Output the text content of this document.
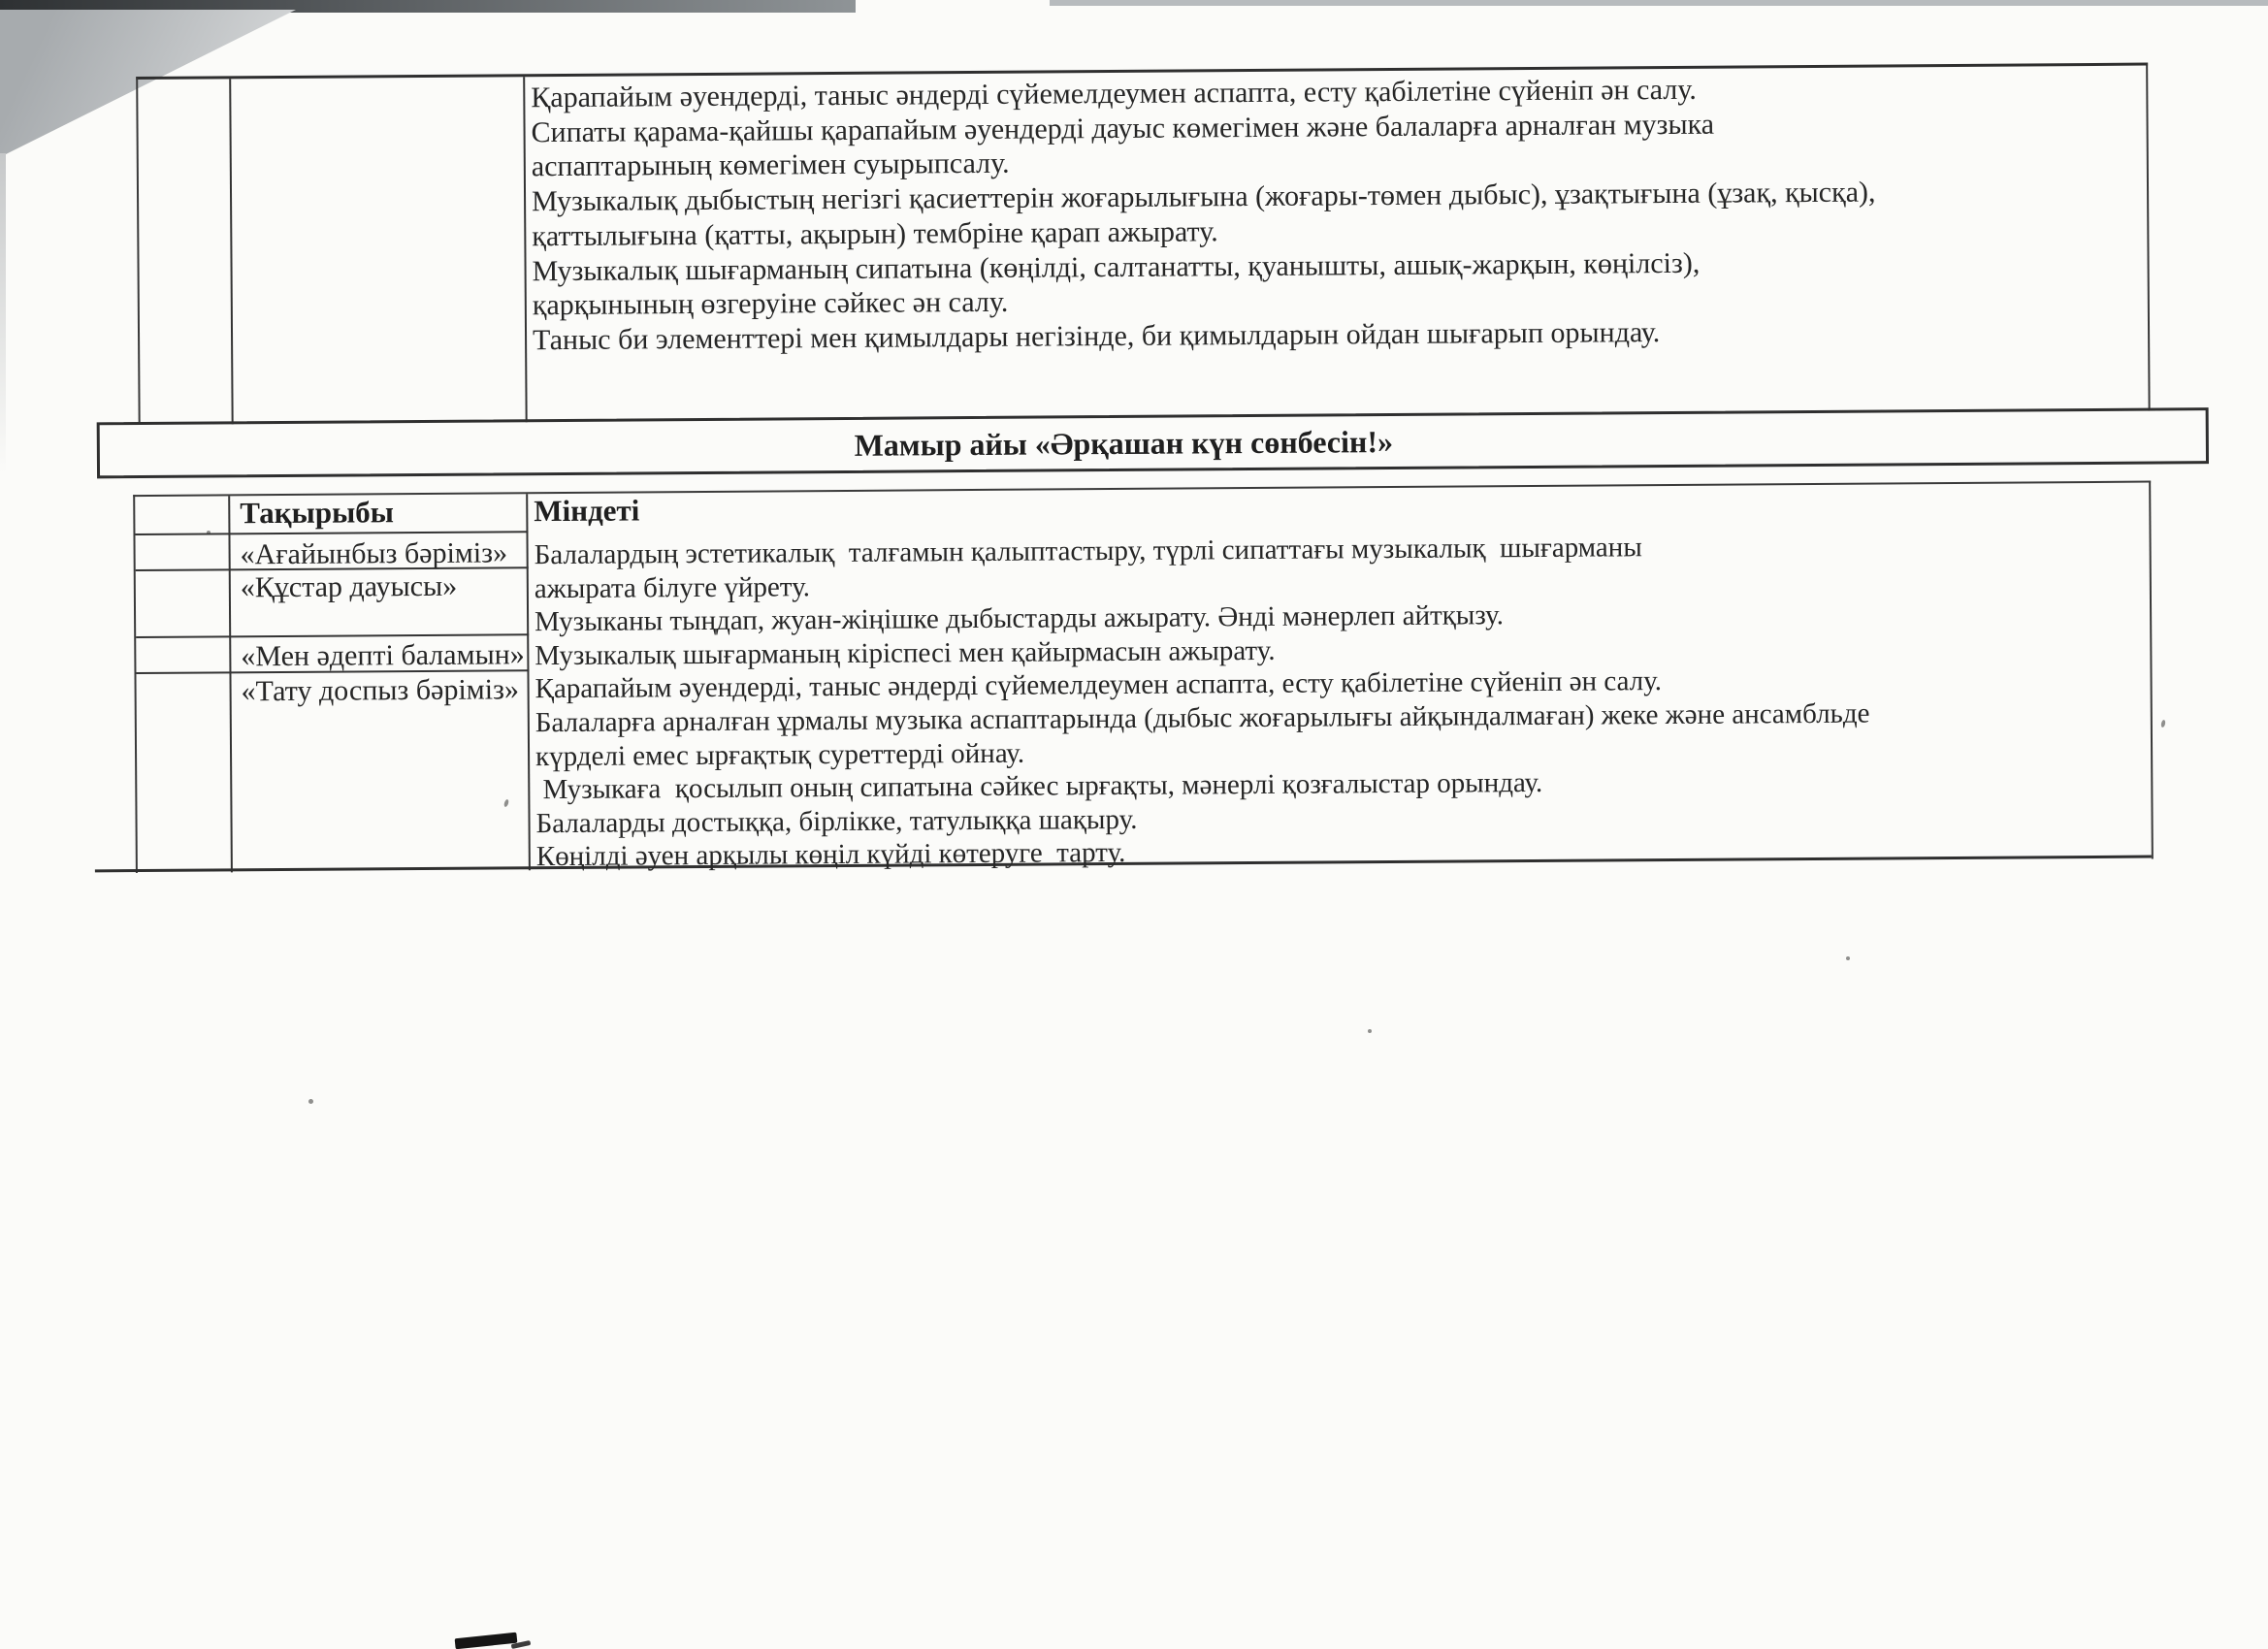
Қарапайым әуендерді, таныс әндерді сүйемелдеумен аспапта, есту қабілетіне сүйеніп ән салу.
Сипаты қарама-қайшы қарапайым әуендерді дауыс көмегімен және балаларға арналған музыка
аспаптарының көмегімен суырыпсалу.
Музыкалық дыбыстың негізгі қасиеттерін жоғарылығына (жоғары-төмен дыбыс), ұзақтығына (ұзақ, қысқа),
қаттылығына (қатты, ақырын) тембріне қарап ажырату.
Музыкалық шығарманың сипатына (көңілді, салтанатты, қуанышты, ашық-жарқын, көңілсіз),
қарқынының өзгеруіне сәйкес ән салу.
Таныс би элементтері мен қимылдары негізінде, би қимылдарын ойдан шығарып орындау.
Мамыр айы «Әрқашан күн сөнбесін!»
Тақырыбы	Міндеті
«Ағайынбыз бәріміз»
«Құстар дауысы»
«Мен әдепті баламын»
«Тату доспыз бәріміз»
Балалардың эстетикалық  талғамын қалыптастыру, түрлі сипаттағы музыкалық  шығарманы
ажырата білуге үйрету.
Музыканы тыңдап, жуан-жіңішке дыбыстарды ажырату. Әнді мәнерлеп айтқызу.
Музыкалық шығарманың кіріспесі мен қайырмасын ажырату.
Қарапайым әуендерді, таныс әндерді сүйемелдеумен аспапта, есту қабілетіне сүйеніп ән салу.
Балаларға арналған ұрмалы музыка аспаптарында (дыбыс жоғарылығы айқындалмаған) жеке және ансамбльде
күрделі емес ырғақтық суреттерді ойнау.
Музыкаға  қосылып оның сипатына сәйкес ырғақты, мәнерлі қозғалыстар орындау.
Балаларды достыққа, бірлікке, татулыққа шақыру.
Көңілді әуен арқылы көңіл күйді көтеруге  тарту.
